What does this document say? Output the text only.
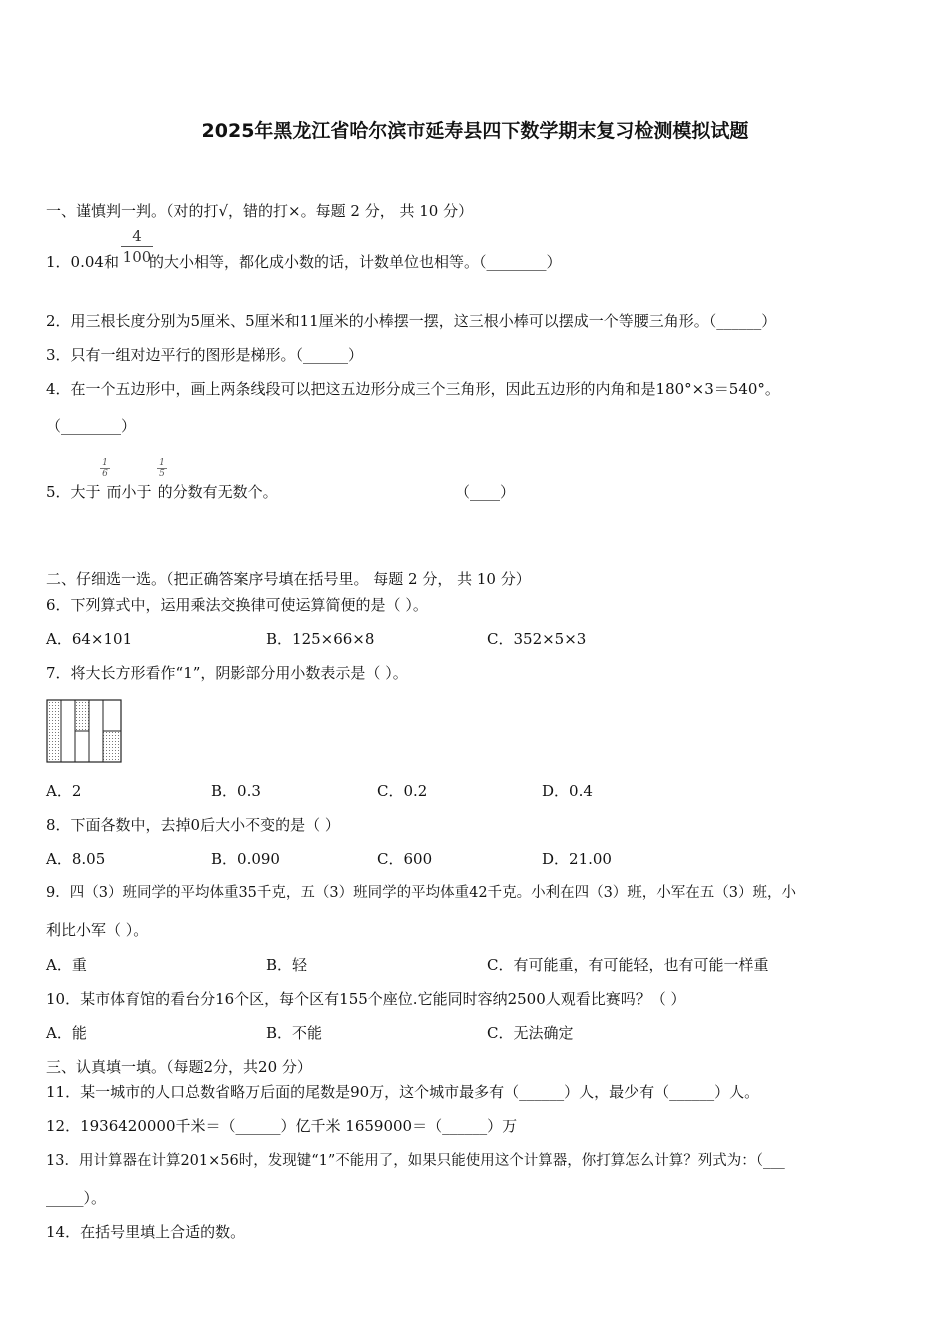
2025年黑龙江省哈尔滨市延寿县四下数学期末复习检测模拟试题
一、谨慎判一判。（对的打√，错的打×。每题 2 分， 共 10 分）
1．0.04和 的大小相等，都化成小数的话，计数单位也相等。（________）
$\frac{4}{100}$
2．用三根长度分别为5厘米、5厘米和11厘米的小棒摆一摆，这三根小棒可以摆成一个等腰三角形。（______）
3．只有一组对边平行的图形是梯形。（______）
4．在一个五边形中，画上两条线段可以把这五边形分成三个三角形，因此五边形的内角和是180°×3＝540°。
（________）
5．大于 而小于 的分数有无数个。
$\frac{1}{6}$	$\frac{1}{5}$
（____）
二、仔细选一选。（把正确答案序号填在括号里。 每题 2 分， 共 10 分）
6．下列算式中，运用乘法交换律可使运算简便的是（ ）。
A．64×101	B．125×66×8	C．352×5×3
7．将大长方形看作“1”，阴影部分用小数表示是（ ）。
A．2	B．0.3	C．0.2	D．0.4
8．下面各数中，去掉0后大小不变的是（ ）
A．8.05	B．0.090	C．600	D．21.00
9．四（3）班同学的平均体重35千克，五（3）班同学的平均体重42千克。小利在四（3）班，小军在五（3）班，小
利比小军（ ）。
A．重	B．轻	C．有可能重，有可能轻，也有可能一样重
10．某市体育馆的看台分16个区，每个区有155个座位.它能同时容纳2500人观看比赛吗？（ ）
A．能	B．不能	C．无法确定
三、认真填一填。（每题2分，共20 分）
11．某一城市的人口总数省略万后面的尾数是90万，这个城市最多有（______）人，最少有（______）人。
12．1936420000千米＝（______）亿千米 1659000＝（______）万
13．用计算器在计算201×56时，发现键“1”不能用了，如果只能使用这个计算器，你打算怎么计算？列式为：（___
_____）。
14．在括号里填上合适的数。
